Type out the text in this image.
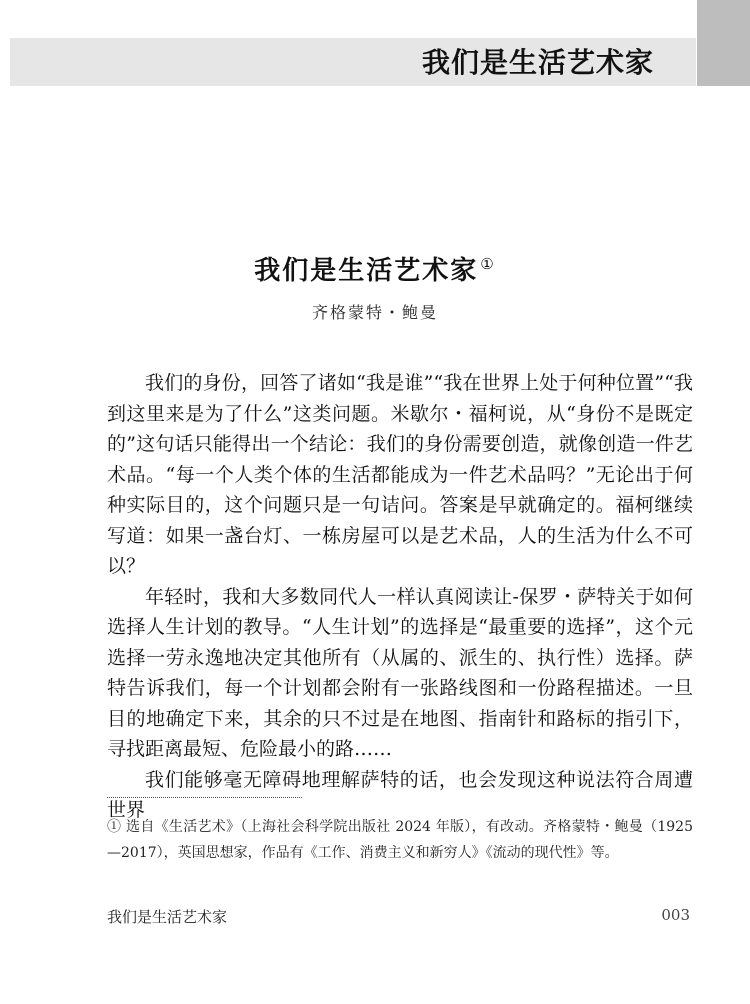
我们是生活艺术家
我们是生活艺术家 ①
齐格蒙特・鲍曼

我们的身份，回答了诸如“我是谁”“我在世界上处于何种位置”“我到这里来是为了什么”这类问题。米歇尔・福柯说，从“身份不是既定的”这句话只能得出一个结论：我们的身份需要创造，就像创造一件艺术品。“每一个人类个体的生活都能成为一件艺术品吗？”无论出于何种实际目的，这个问题只是一句诘问。答案是早就确定的。福柯继续写道：如果一盏台灯、一栋房屋可以是艺术品，人的生活为什么不可以？

年轻时，我和大多数同代人一样认真阅读让-保罗・萨特关于如何选择人生计划的教导。“人生计划”的选择是“最重要的选择”，这个元选择一劳永逸地决定其他所有（从属的、派生的、执行性）选择。萨特告诉我们，每一个计划都会附有一张路线图和一份路程描述。一旦目的地确定下来，其余的只不过是在地图、指南针和路标的指引下，寻找距离最短、危险最小的路……

我们能够毫无障碍地理解萨特的话，也会发现这种说法符合周遭世界

① 选自《生活艺术》（上海社会科学院出版社 2024 年版），有改动。齐格蒙特・鲍曼（1925—2017），英国思想家，作品有《工作、消费主义和新穷人》《流动的现代性》等。
我们是生活艺术家	003
